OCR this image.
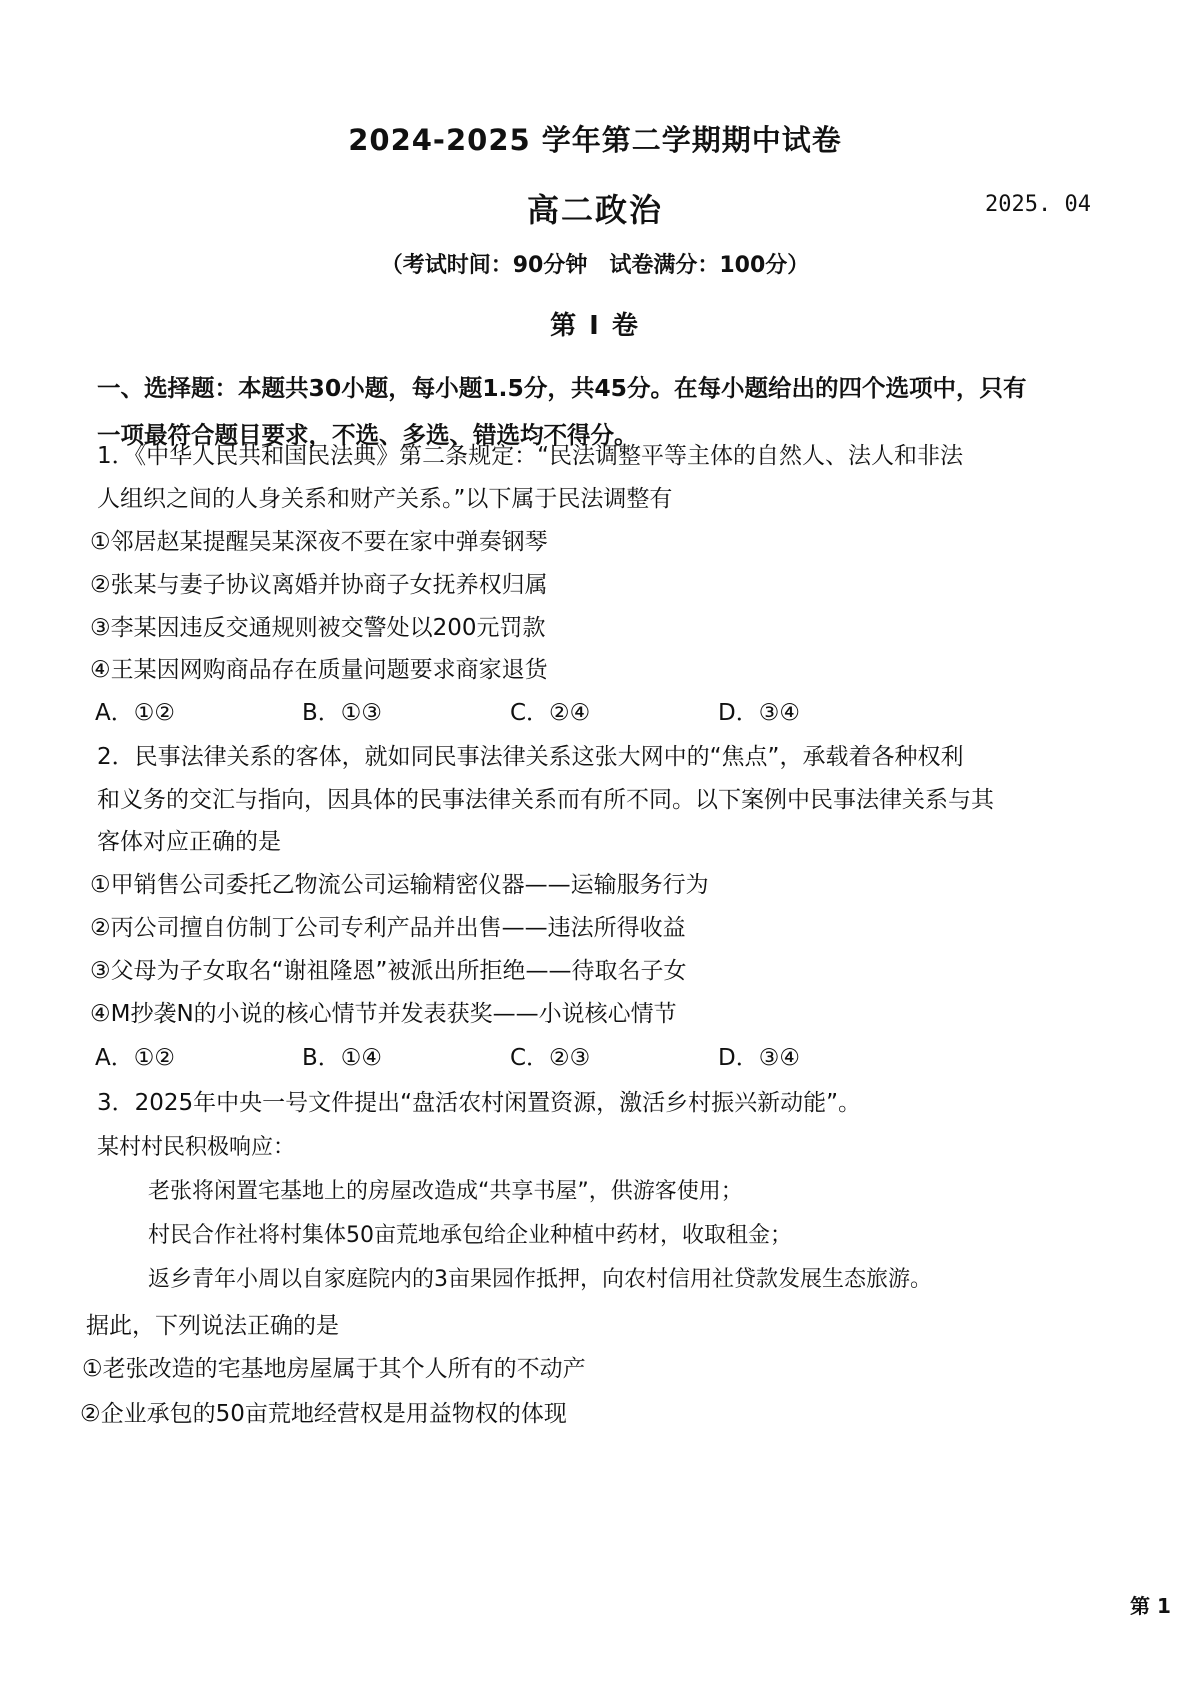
2024-2025 学年第二学期期中试卷
高二政治	2025. 04
（考试时间：90分钟　试卷满分：100分）
第 I 卷
一、选择题：本题共30小题，每小题1.5分，共45分。在每小题给出的四个选项中，只有
一项最符合题目要求，不选、多选、错选均不得分。
1．《中华人民共和国民法典》第二条规定：“民法调整平等主体的自然人、法人和非法
人组织之间的人身关系和财产关系。”以下属于民法调整有
①邻居赵某提醒吴某深夜不要在家中弹奏钢琴
②张某与妻子协议离婚并协商子女抚养权归属
③李某因违反交通规则被交警处以200元罚款
④王某因网购商品存在质量问题要求商家退货
A．①②	B．①③	C．②④	D．③④
2．民事法律关系的客体，就如同民事法律关系这张大网中的“焦点”，承载着各种权利
和义务的交汇与指向，因具体的民事法律关系而有所不同。以下案例中民事法律关系与其
客体对应正确的是
①甲销售公司委托乙物流公司运输精密仪器——运输服务行为
②丙公司擅自仿制丁公司专利产品并出售——违法所得收益
③父母为子女取名“谢祖隆恩”被派出所拒绝——待取名子女
④M抄袭N的小说的核心情节并发表获奖——小说核心情节
A．①②	B．①④	C．②③	D．③④
3．2025年中央一号文件提出“盘活农村闲置资源，激活乡村振兴新动能”。
某村村民积极响应：
老张将闲置宅基地上的房屋改造成“共享书屋”，供游客使用；
村民合作社将村集体50亩荒地承包给企业种植中药材，收取租金；
返乡青年小周以自家庭院内的3亩果园作抵押，向农村信用社贷款发展生态旅游。
据此，下列说法正确的是
①老张改造的宅基地房屋属于其个人所有的不动产
②企业承包的50亩荒地经营权是用益物权的体现
第 1
